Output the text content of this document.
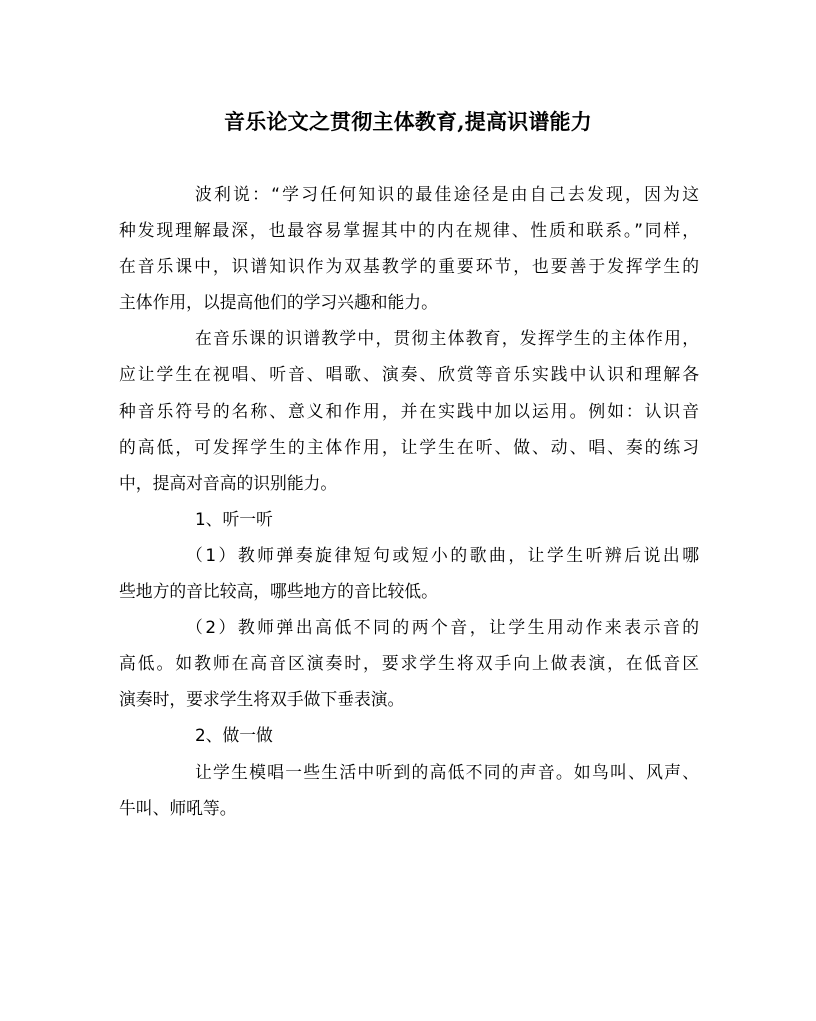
音乐论文之贯彻主体教育,提高识谱能力
波利说：“学习任何知识的最佳途径是由自己去发现，因为这
种发现理解最深，也最容易掌握其中的内在规律、性质和联系。”同样，
在音乐课中，识谱知识作为双基教学的重要环节，也要善于发挥学生的
主体作用，以提高他们的学习兴趣和能力。
在音乐课的识谱教学中，贯彻主体教育，发挥学生的主体作用，
应让学生在视唱、听音、唱歌、演奏、欣赏等音乐实践中认识和理解各
种音乐符号的名称、意义和作用，并在实践中加以运用。例如：认识音
的高低，可发挥学生的主体作用，让学生在听、做、动、唱、奏的练习
中，提高对音高的识别能力。
1、听一听
（1）教师弹奏旋律短句或短小的歌曲，让学生听辨后说出哪
些地方的音比较高，哪些地方的音比较低。
（2）教师弹出高低不同的两个音，让学生用动作来表示音的
高低。如教师在高音区演奏时，要求学生将双手向上做表演，在低音区
演奏时，要求学生将双手做下垂表演。
2、做一做
让学生模唱一些生活中听到的高低不同的声音。如鸟叫、风声、
牛叫、师吼等。
